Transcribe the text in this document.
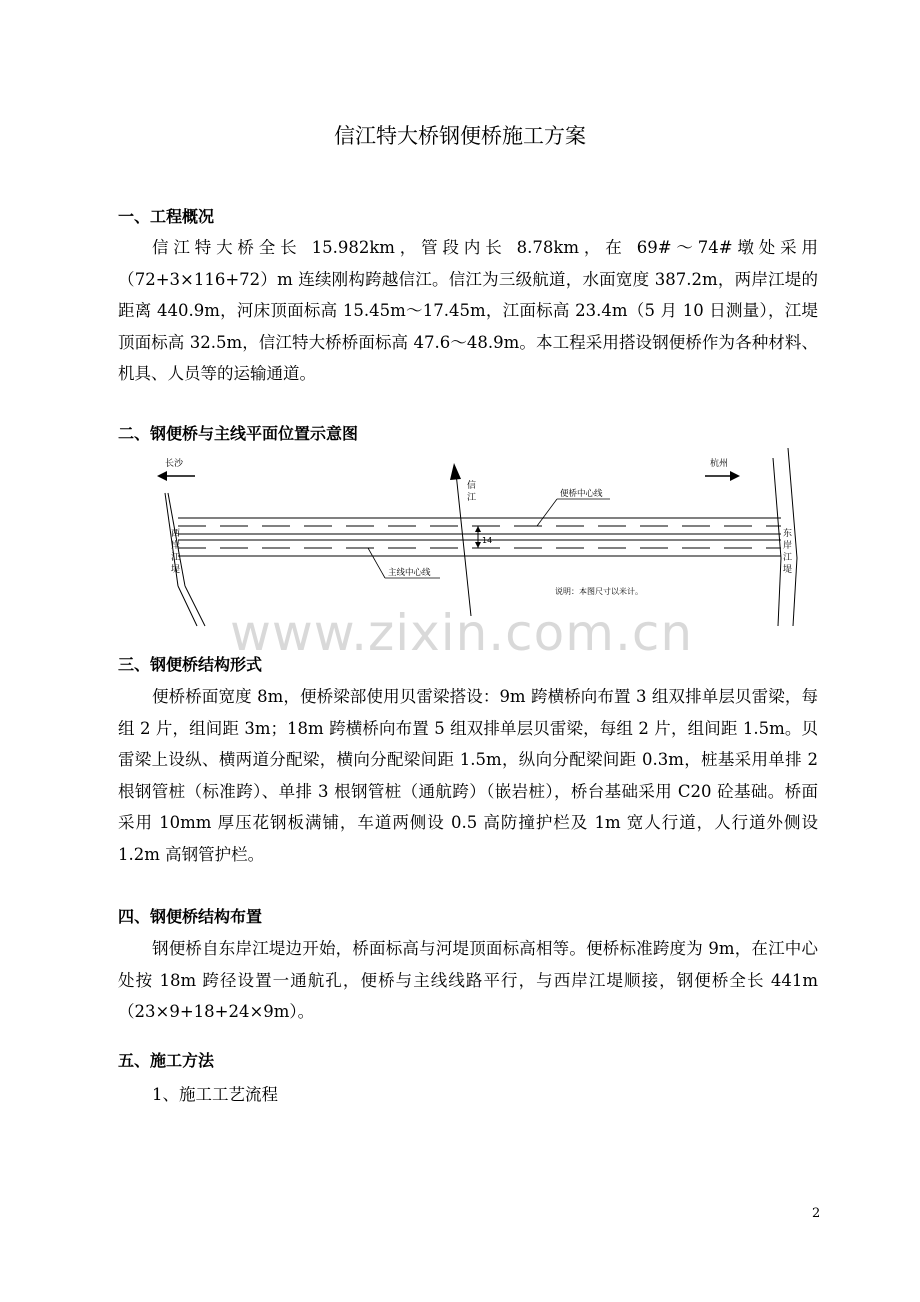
www.zixin.com.cn
信江特大桥钢便桥施工方案
一、工程概况
信江特大桥全长 15.982km，管段内长 8.78km，在 69#～74#墩处采用（72+3×116+72）m 连续刚构跨越信江。信江为三级航道，水面宽度 387.2m，两岸江堤的距离 440.9m，河床顶面标高 15.45m～17.45m，江面标高 23.4m（5 月 10 日测量），江堤顶面标高 32.5m，信江特大桥桥面标高 47.6～48.9m。本工程采用搭设钢便桥作为各种材料、机具、人员等的运输通道。
二、钢便桥与主线平面位置示意图
14
长沙	杭州
信
江
西
岸
江
堤
东
岸
江
堤
便桥中心线
主线中心线
说明：本图尺寸以米计。
三、钢便桥结构形式
便桥桥面宽度 8m，便桥梁部使用贝雷梁搭设：9m 跨横桥向布置 3 组双排单层贝雷梁，每组 2 片，组间距 3m；18m 跨横桥向布置 5 组双排单层贝雷梁，每组 2 片，组间距 1.5m。贝雷梁上设纵、横两道分配梁，横向分配梁间距 1.5m，纵向分配梁间距 0.3m，桩基采用单排 2 根钢管桩（标准跨）、单排 3 根钢管桩（通航跨）（嵌岩桩），桥台基础采用 C20 砼基础。桥面采用 10mm 厚压花钢板满铺，车道两侧设 0.5 高防撞护栏及 1m 宽人行道，人行道外侧设 1.2m 高钢管护栏。
四、钢便桥结构布置
钢便桥自东岸江堤边开始，桥面标高与河堤顶面标高相等。便桥标准跨度为 9m，在江中心处按 18m 跨径设置一通航孔，便桥与主线线路平行，与西岸江堤顺接，钢便桥全长 441m（23×9+18+24×9m）。
五、施工方法
1、施工工艺流程
2
